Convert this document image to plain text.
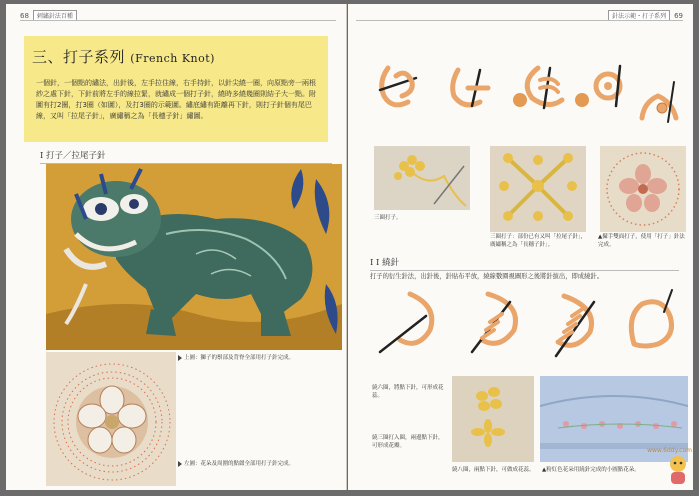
68	刺繡針法百種
三、打子系列 (French Knot)
一個針，一個點的繡法，出針後，左手拉住線，右手持針，以針尖繞一圈，向原點旁一兩根紗之處下針，下針前將左手的線拉緊，就繡成一個打子針，繞時多繞幾圈則結子大一點。附圖有打2圈，打3圈（如圖），及打3圈的示範圖。繡底繡有距離再下針，則打子針個有尾巴線，又叫「拉尾子針」，廣繡稱之為「長穗子針」繡圖。
I 打子／拉尾子針
上圖：獅子的鬃部及背脊全部用打子針完成。
左圖：花朵及周圍的點綴全部用打子針完成。
針法示範・打子系列	69
三圈打子。
三圈打子：部份已有又叫「拉尾子針」，廣繡稱之為「長穗子針」。
▲攝手雙面打子，使用「打子」針法完成。
I I 繞針
打子的衍生針法，出針後，針貼布平放，繞線數圈視圖形之後將針拔出，即成繞針。
繞六圈，將點下針，可形成花蕊。
繞三圈打入圈，兩邊點下針，可形成花瓣。
繞八圈，兩點下針，可做成花蕊。 ▲粉紅色花朵用繞針完成的小圓點花朵。
www.6ddy.com
